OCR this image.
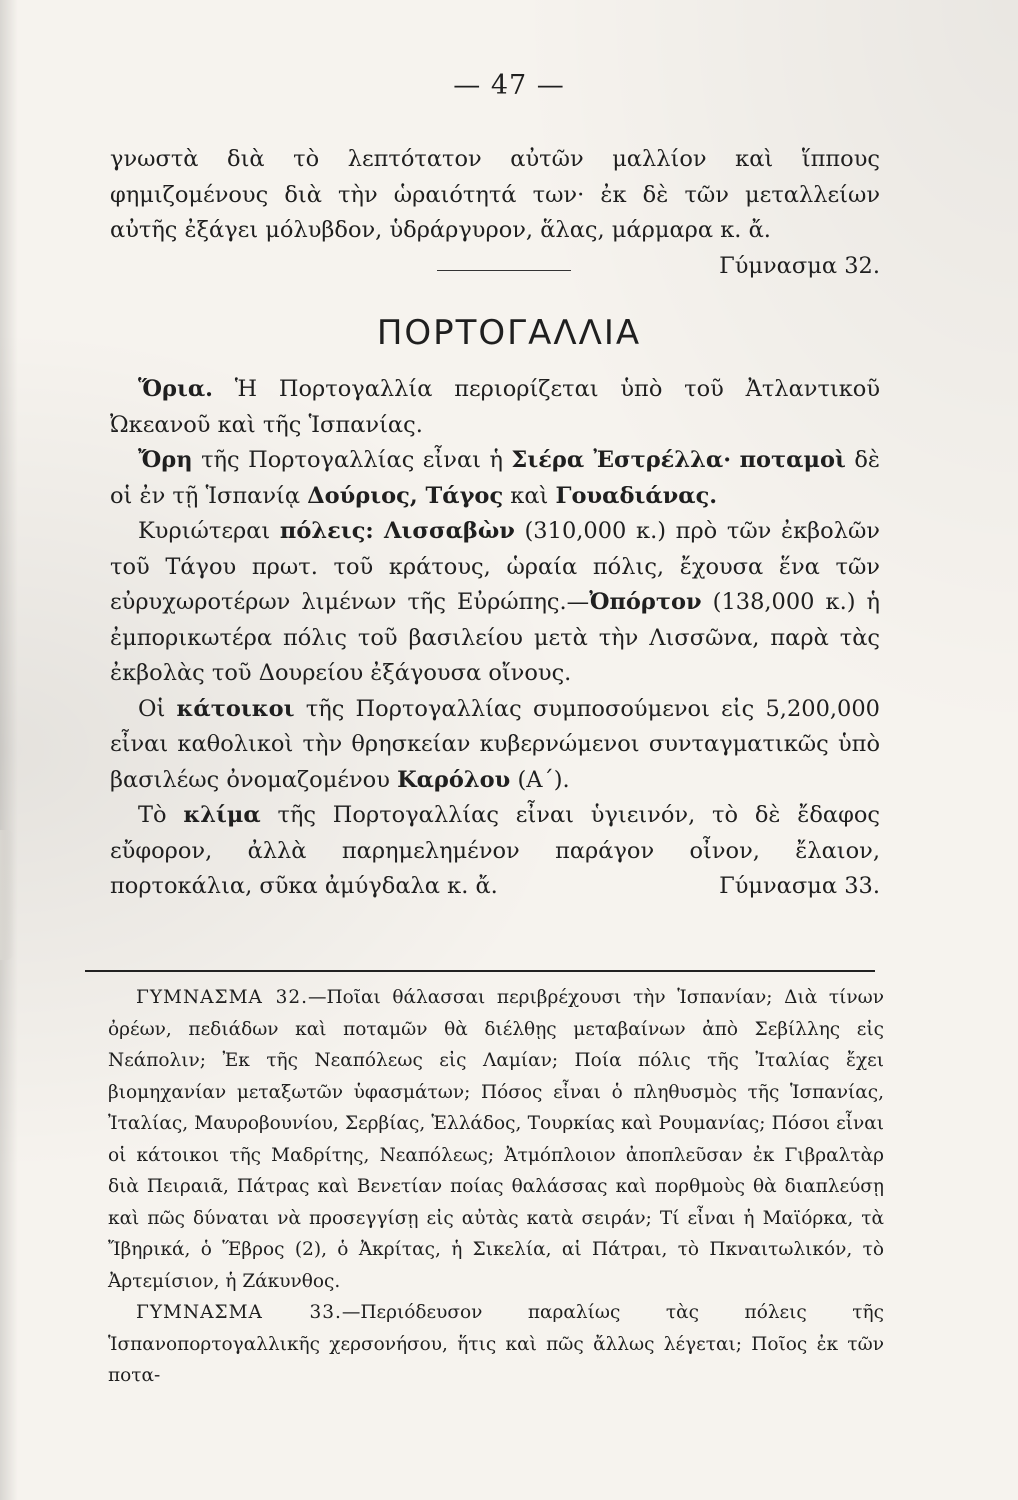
— 47 —

γνωστὰ διὰ τὸ λεπτότατον αὐτῶν μαλλίον καὶ ἵππους φημιζομένους διὰ τὴν ὡραιότητά των· ἐκ δὲ τῶν μεταλλείων αὐτῆς ἐξάγει μόλυβδον, ὑδράργυρον, ἅλας, μάρμαρα κ. ἄ.
Γύμνασμα 32.

ΠΟΡΤΟΓΑΛΛΙΑ

Ὅρια. Ἡ Πορτογαλλία περιορίζεται ὑπὸ τοῦ Ἀτλαντικοῦ Ὠκεανοῦ καὶ τῆς Ἱσπανίας.

Ὄρη τῆς Πορτογαλλίας εἶναι ἡ Σιέρα Ἐστρέλλα· ποταμοὶ δὲ οἱ ἐν τῇ Ἱσπανίᾳ Δούριος, Τάγος καὶ Γουαδιάνας.

Κυριώτεραι πόλεις: Λισσαβὼν (310,000 κ.) πρὸ τῶν ἐκβολῶν τοῦ Τάγου πρωτ. τοῦ κράτους, ὡραία πόλις, ἔχουσα ἕνα τῶν εὐρυχωροτέρων λιμένων τῆς Εὐρώπης.—Ὀπόρτον (138,000 κ.) ἡ ἐμπορικωτέρα πόλις τοῦ βασιλείου μετὰ τὴν Λισσῶνα, παρὰ τὰς ἐκβολὰς τοῦ Δουρείου ἐξάγουσα οἴνους.

Οἱ κάτοικοι τῆς Πορτογαλλίας συμποσούμενοι εἰς 5,200,000 εἶναι καθολικοὶ τὴν θρησκείαν κυβερνώμενοι συνταγματικῶς ὑπὸ βασιλέως ὀνομαζομένου Καρόλου (Α΄).

Τὸ κλίμα τῆς Πορτογαλλίας εἶναι ὑγιεινόν, τὸ δὲ ἔδαφος εὔφορον, ἀλλὰ παρημελημένον παράγον οἶνον, ἔλαιον, πορτοκάλια, σῦκα ἀμύγδαλα κ. ἄ.	Γύμνασμα 33.

ΓΥΜΝΑΣΜΑ 32.—Ποῖαι θάλασσαι περιβρέχουσι τὴν Ἱσπανίαν; Διὰ τίνων ὀρέων, πεδιάδων καὶ ποταμῶν θὰ διέλθῃς μεταβαίνων ἀπὸ Σεβίλλης εἰς Νεάπολιν; Ἐκ τῆς Νεαπόλεως εἰς Λαμίαν; Ποία πόλις τῆς Ἰταλίας ἔχει βιομηχανίαν μεταξωτῶν ὑφασμάτων; Πόσος εἶναι ὁ πληθυσμὸς τῆς Ἱσπανίας, Ἰταλίας, Μαυροβουνίου, Σερβίας, Ἑλλάδος, Τουρκίας καὶ Ρουμανίας; Πόσοι εἶναι οἱ κάτοικοι τῆς Μαδρίτης, Νεαπόλεως; Ἀτμόπλοιον ἀποπλεῦσαν ἐκ Γιβραλτὰρ διὰ Πειραιᾶ, Πάτρας καὶ Βενετίαν ποίας θαλάσσας καὶ πορθμοὺς θὰ διαπλεύσῃ καὶ πῶς δύναται νὰ προσεγγίσῃ εἰς αὐτὰς κατὰ σειράν; Τί εἶναι ἡ Μαϊόρκα, τὰ Ἴβηρικά, ὁ Ἕβρος (2), ὁ Ἀκρίτας, ἡ Σικελία, αἱ Πάτραι, τὸ Πκναιτωλικόν, τὸ Ἀρτεμίσιον, ἡ Ζάκυνθος.

ΓΥΜΝΑΣΜΑ 33.—Περιόδευσον παραλίως τὰς πόλεις τῆς Ἱσπανοπορτογαλλικῆς χερσονήσου, ἥτις καὶ πῶς ἄλλως λέγεται; Ποῖος ἐκ τῶν ποτα-
